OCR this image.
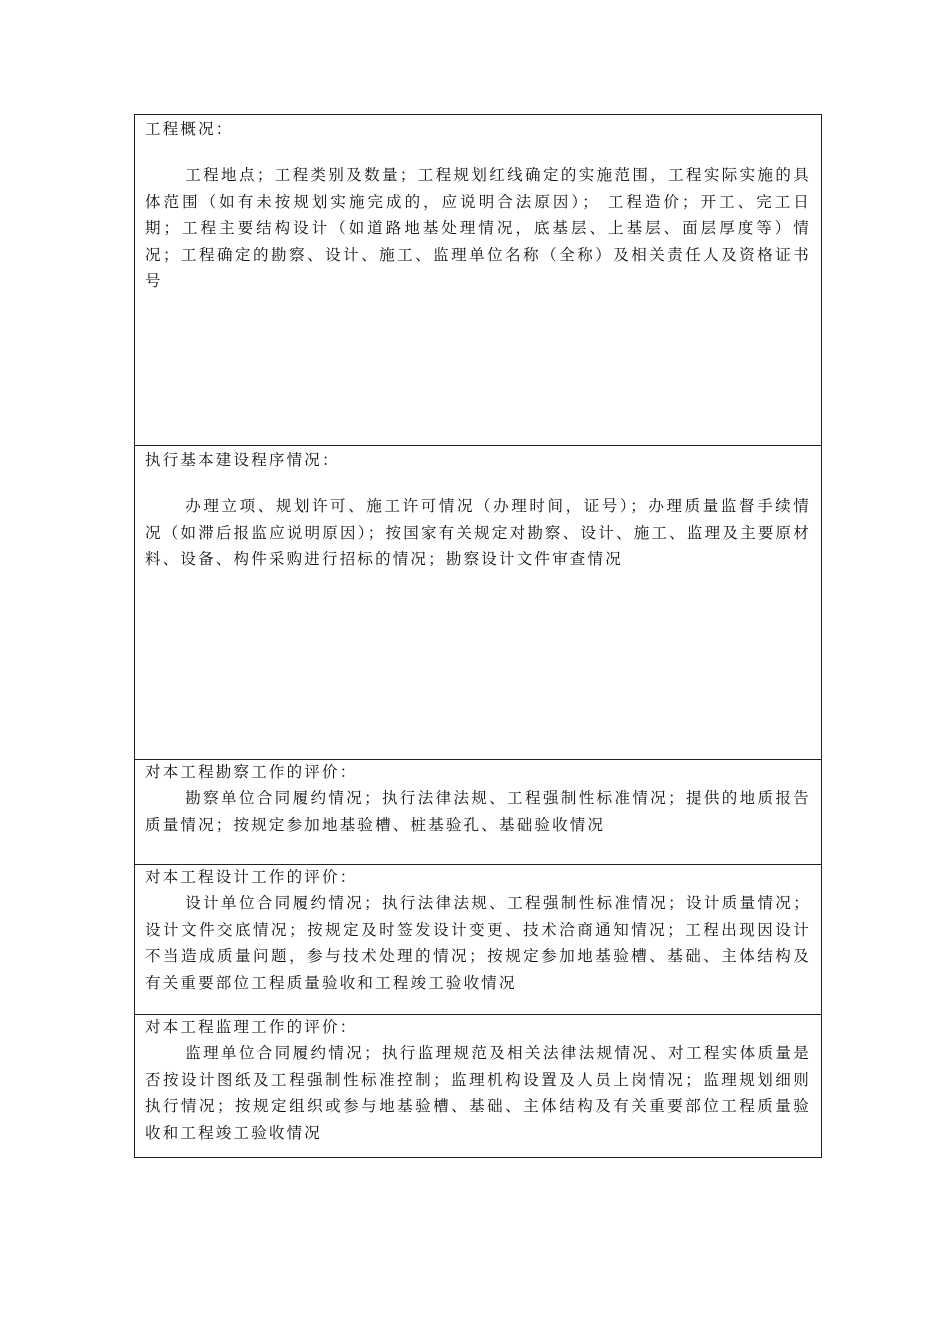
工程概况：

工程地点；工程类别及数量；工程规划红线确定的实施范围，工程实际实施的具体范围（如有未按规划实施完成的，应说明合法原因）； 工程造价；开工、完工日期；工程主要结构设计（如道路地基处理情况，底基层、上基层、面层厚度等）情况；工程确定的勘察、设计、施工、监理单位名称（全称）及相关责任人及资格证书号

执行基本建设程序情况：

办理立项、规划许可、施工许可情况（办理时间，证号）；办理质量监督手续情况（如滞后报监应说明原因）；按国家有关规定对勘察、设计、施工、监理及主要原材料、设备、构件采购进行招标的情况；勘察设计文件审查情况

对本工程勘察工作的评价：

勘察单位合同履约情况；执行法律法规、工程强制性标准情况；提供的地质报告质量情况；按规定参加地基验槽、桩基验孔、基础验收情况

对本工程设计工作的评价：

设计单位合同履约情况；执行法律法规、工程强制性标准情况；设计质量情况；设计文件交底情况；按规定及时签发设计变更、技术洽商通知情况；工程出现因设计不当造成质量问题，参与技术处理的情况；按规定参加地基验槽、基础、主体结构及有关重要部位工程质量验收和工程竣工验收情况

对本工程监理工作的评价：

监理单位合同履约情况；执行监理规范及相关法律法规情况、对工程实体质量是否按设计图纸及工程强制性标准控制；监理机构设置及人员上岗情况；监理规划细则执行情况；按规定组织或参与地基验槽、基础、主体结构及有关重要部位工程质量验收和工程竣工验收情况
